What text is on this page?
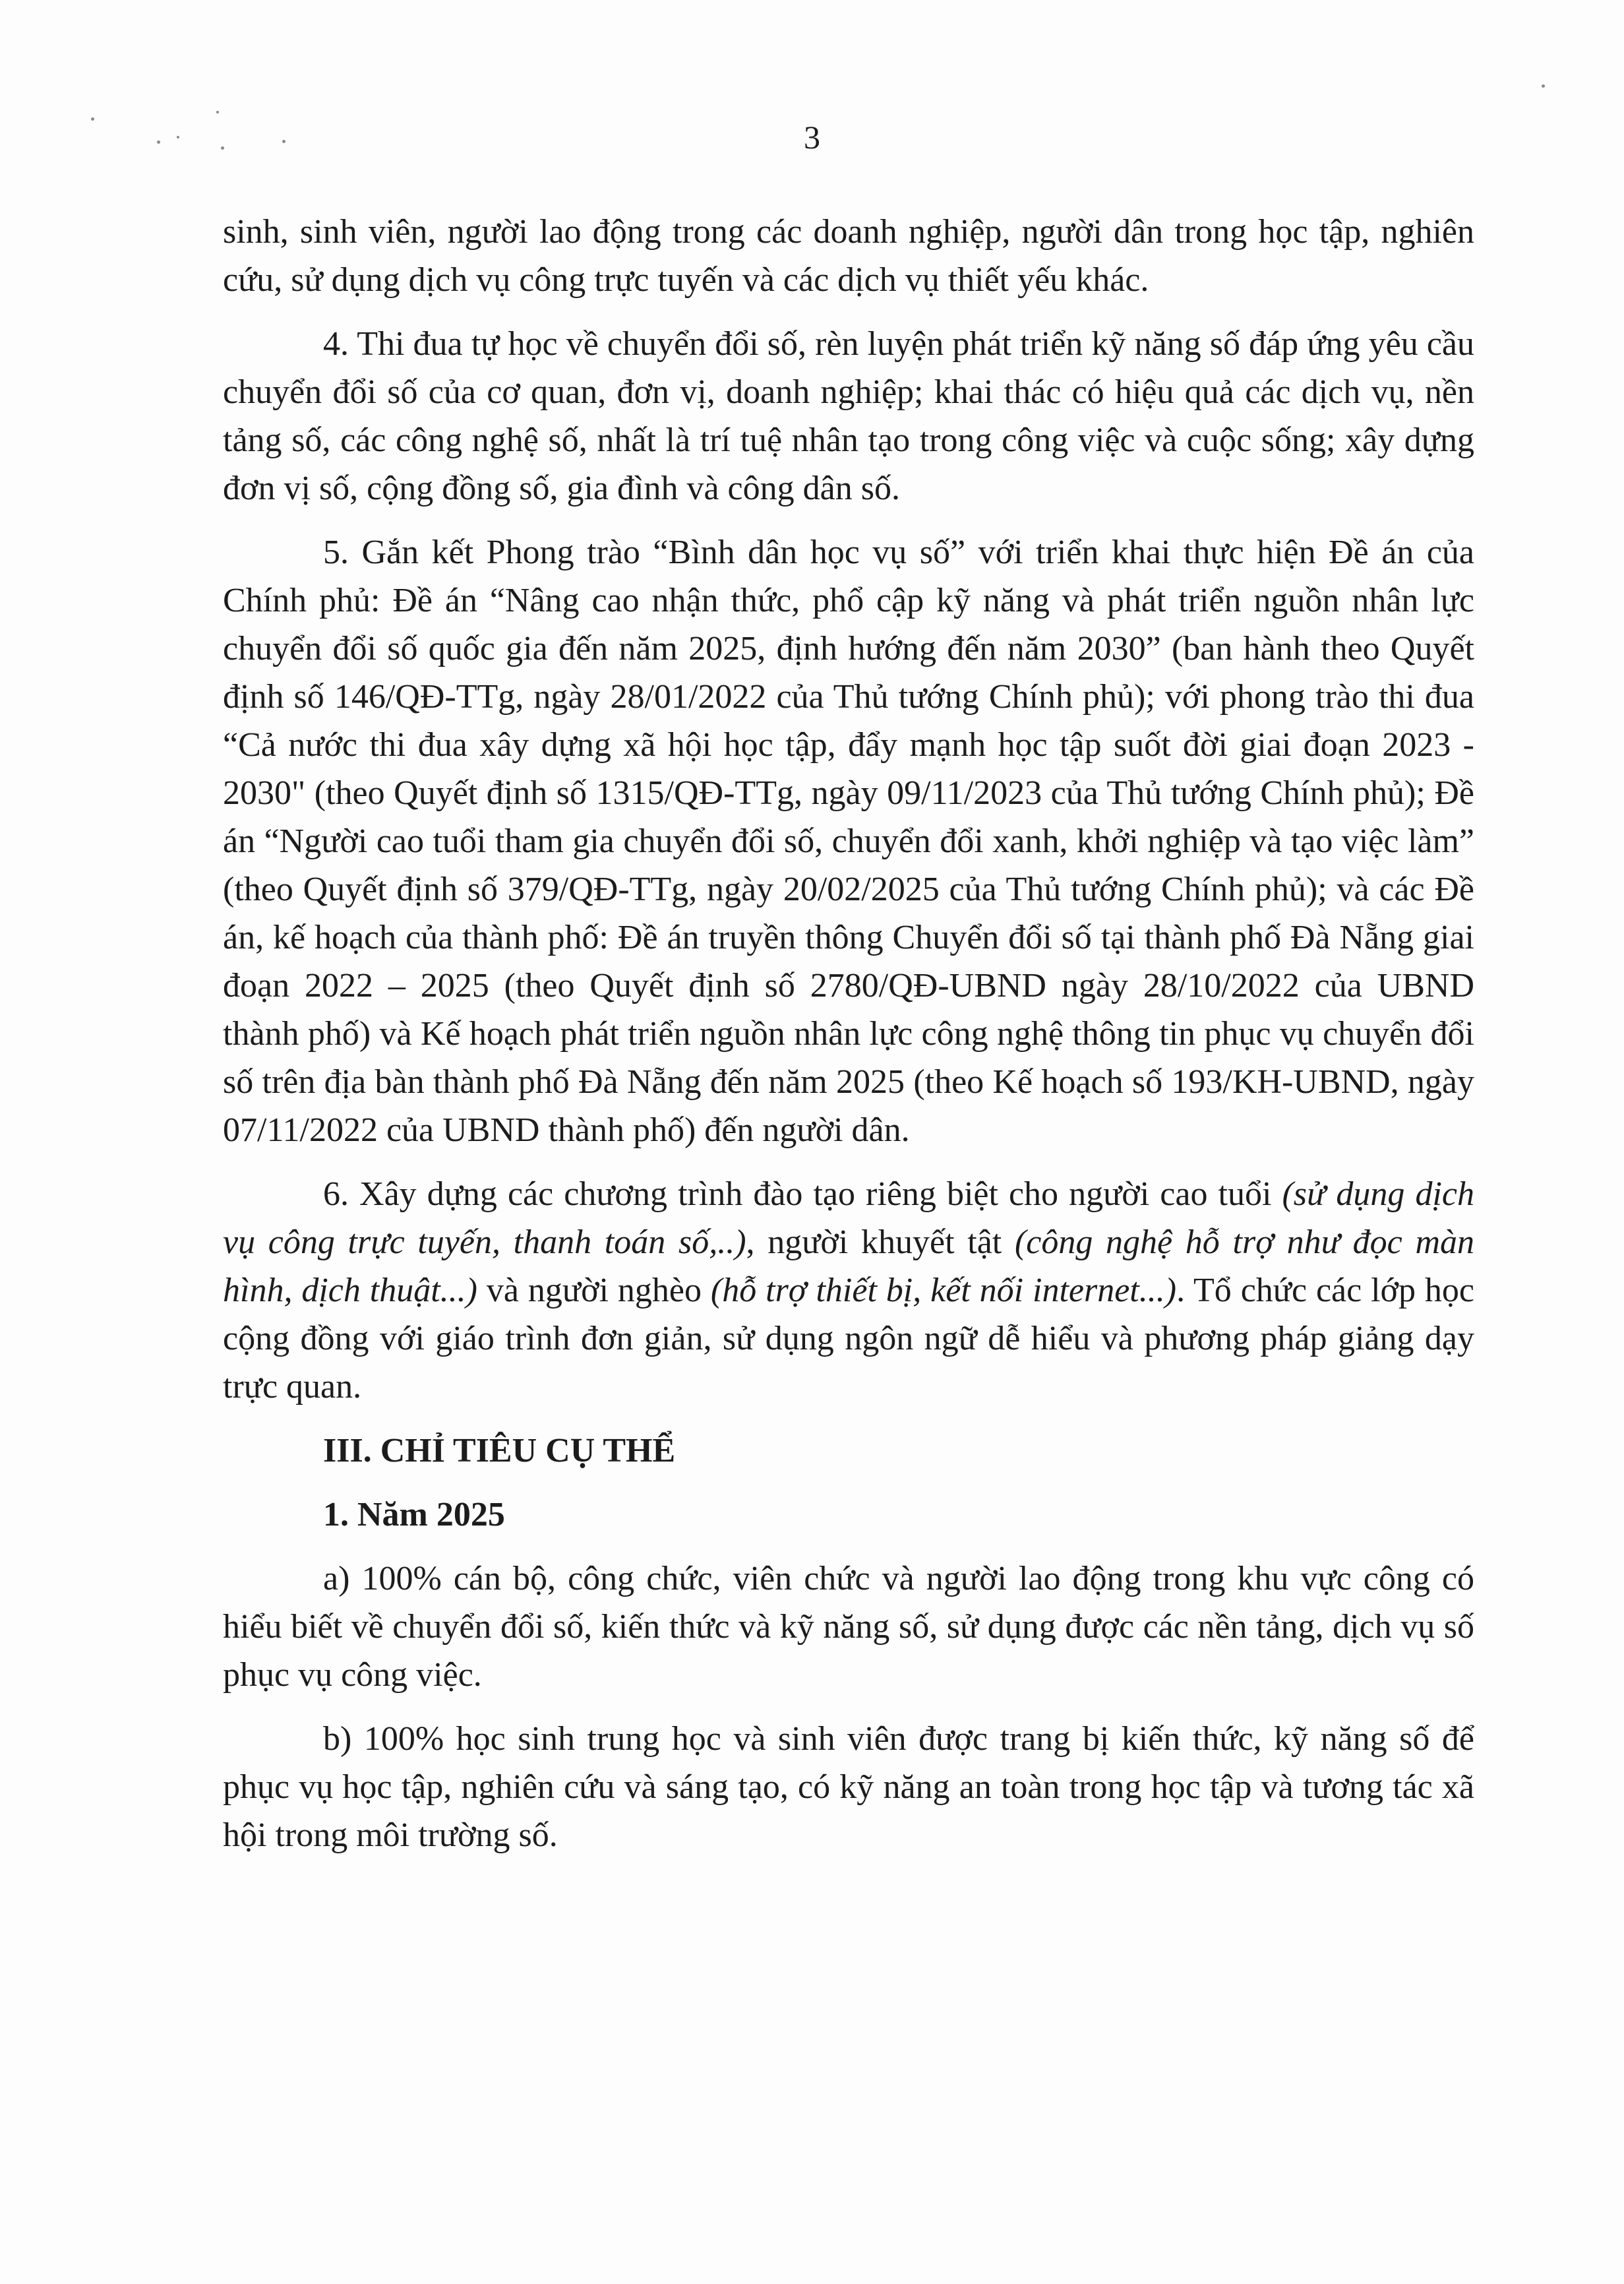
3

sinh, sinh viên, người lao động trong các doanh nghiệp, người dân trong học tập, nghiên cứu, sử dụng dịch vụ công trực tuyến và các dịch vụ thiết yếu khác.

4. Thi đua tự học về chuyển đổi số, rèn luyện phát triển kỹ năng số đáp ứng yêu cầu chuyển đổi số của cơ quan, đơn vị, doanh nghiệp; khai thác có hiệu quả các dịch vụ, nền tảng số, các công nghệ số, nhất là trí tuệ nhân tạo trong công việc và cuộc sống; xây dựng đơn vị số, cộng đồng số, gia đình và công dân số.

5. Gắn kết Phong trào “Bình dân học vụ số” với triển khai thực hiện Đề án của Chính phủ: Đề án “Nâng cao nhận thức, phổ cập kỹ năng và phát triển nguồn nhân lực chuyển đổi số quốc gia đến năm 2025, định hướng đến năm 2030” (ban hành theo Quyết định số 146/QĐ-TTg, ngày 28/01/2022 của Thủ tướng Chính phủ); với phong trào thi đua “Cả nước thi đua xây dựng xã hội học tập, đẩy mạnh học tập suốt đời giai đoạn 2023 - 2030" (theo Quyết định số 1315/QĐ-TTg, ngày 09/11/2023 của Thủ tướng Chính phủ); Đề án “Người cao tuổi tham gia chuyển đổi số, chuyển đổi xanh, khởi nghiệp và tạo việc làm” (theo Quyết định số 379/QĐ-TTg, ngày 20/02/2025 của Thủ tướng Chính phủ); và các Đề án, kế hoạch của thành phố: Đề án truyền thông Chuyển đổi số tại thành phố Đà Nẵng giai đoạn 2022 – 2025 (theo Quyết định số 2780/QĐ-UBND ngày 28/10/2022 của UBND thành phố) và Kế hoạch phát triển nguồn nhân lực công nghệ thông tin phục vụ chuyển đổi số trên địa bàn thành phố Đà Nẵng đến năm 2025 (theo Kế hoạch số 193/KH-UBND, ngày 07/11/2022 của UBND thành phố) đến người dân.

6. Xây dựng các chương trình đào tạo riêng biệt cho người cao tuổi (sử dụng dịch vụ công trực tuyến, thanh toán số,..), người khuyết tật (công nghệ hỗ trợ như đọc màn hình, dịch thuật...) và người nghèo (hỗ trợ thiết bị, kết nối internet...). Tổ chức các lớp học cộng đồng với giáo trình đơn giản, sử dụng ngôn ngữ dễ hiểu và phương pháp giảng dạy trực quan.

III. CHỈ TIÊU CỤ THỂ

1. Năm 2025

a) 100% cán bộ, công chức, viên chức và người lao động trong khu vực công có hiểu biết về chuyển đổi số, kiến thức và kỹ năng số, sử dụng được các nền tảng, dịch vụ số phục vụ công việc.

b) 100% học sinh trung học và sinh viên được trang bị kiến thức, kỹ năng số để phục vụ học tập, nghiên cứu và sáng tạo, có kỹ năng an toàn trong học tập và tương tác xã hội trong môi trường số.
